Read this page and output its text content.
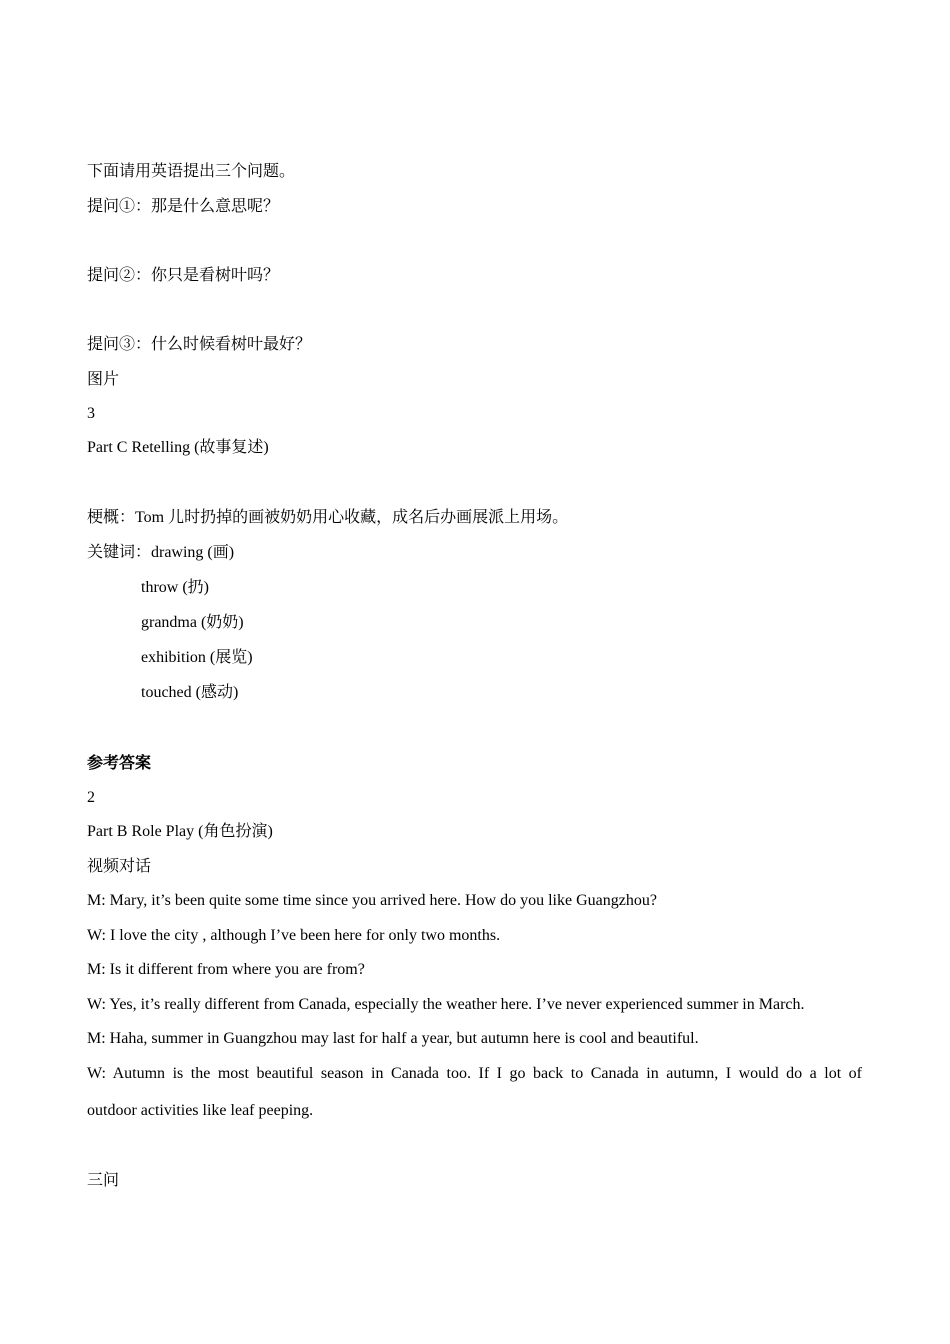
下面请用英语提出三个问题。
提问①：那是什么意思呢？
提问②：你只是看树叶吗？
提问③：什么时候看树叶最好？
图片
3
Part C Retelling (故事复述)
梗概：Tom 儿时扔掉的画被奶奶用心收藏，成名后办画展派上用场。
关键词：drawing (画)
throw (扔)
grandma (奶奶)
exhibition (展览)
touched (感动)
参考答案
2
Part B Role Play (角色扮演)
视频对话
M: Mary, it’s been quite some time since you arrived here. How do you like Guangzhou?
W: I love the city , although I’ve been here for only two months.
M: Is it different from where you are from?
W: Yes, it’s really different from Canada, especially the weather here. I’ve never experienced summer in March.
M: Haha, summer in Guangzhou may last for half a year, but autumn here is cool and beautiful.
W: Autumn is the most beautiful season in Canada too. If I go back to Canada in autumn, I would do a lot of
outdoor activities like leaf peeping.
三问
